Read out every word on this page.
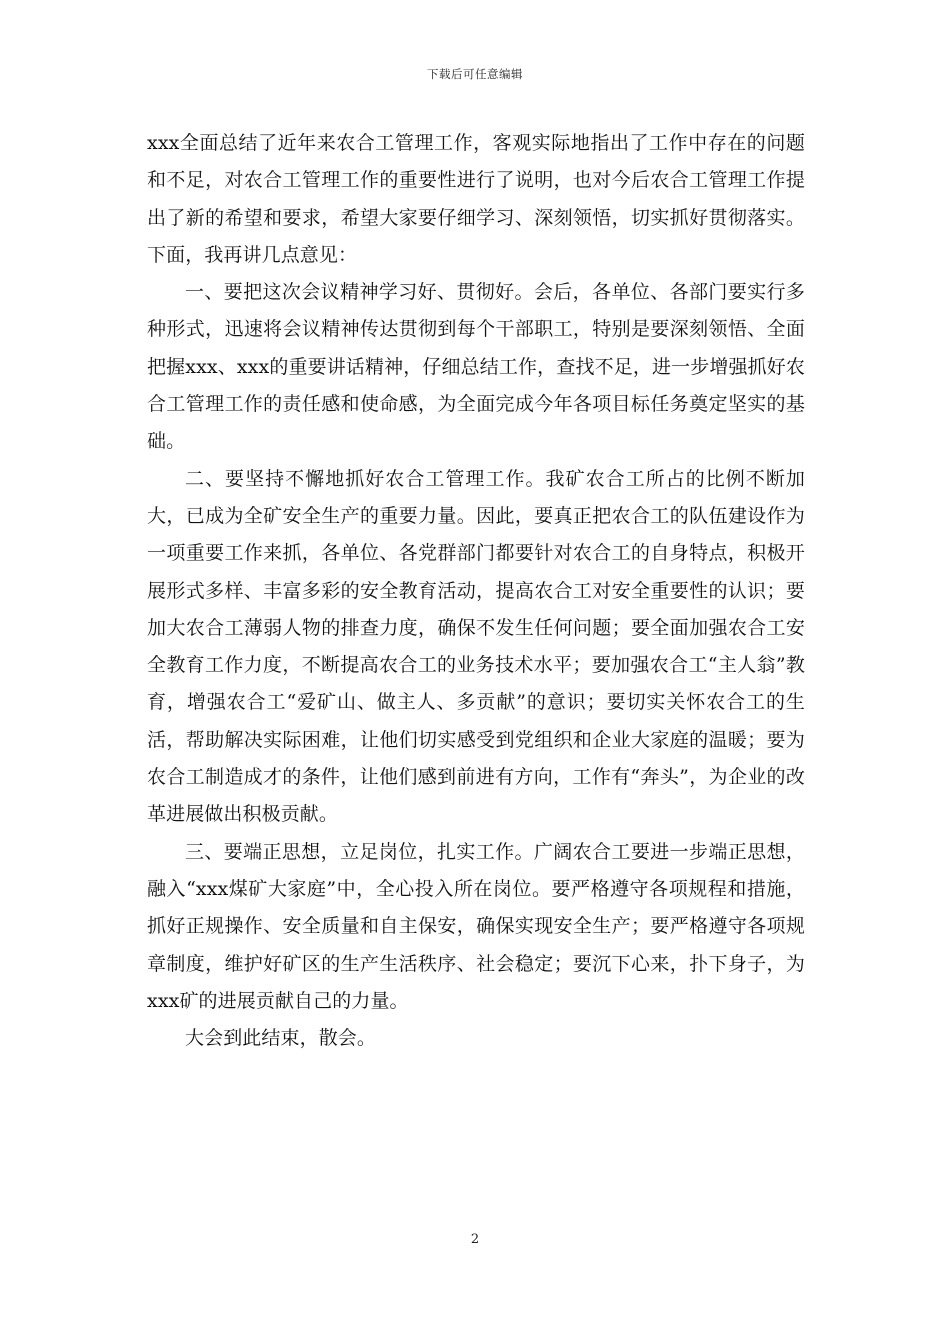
下载后可任意编辑

xxx全面总结了近年来农合工管理工作，客观实际地指出了工作中存在的问题和不足，对农合工管理工作的重要性进行了说明，也对今后农合工管理工作提出了新的希望和要求，希望大家要仔细学习、深刻领悟，切实抓好贯彻落实。下面，我再讲几点意见：

一、要把这次会议精神学习好、贯彻好。会后，各单位、各部门要实行多种形式，迅速将会议精神传达贯彻到每个干部职工，特别是要深刻领悟、全面把握xxx、xxx的重要讲话精神，仔细总结工作，查找不足，进一步增强抓好农合工管理工作的责任感和使命感，为全面完成今年各项目标任务奠定坚实的基础。

二、要坚持不懈地抓好农合工管理工作。我矿农合工所占的比例不断加大，已成为全矿安全生产的重要力量。因此，要真正把农合工的队伍建设作为一项重要工作来抓，各单位、各党群部门都要针对农合工的自身特点，积极开展形式多样、丰富多彩的安全教育活动，提高农合工对安全重要性的认识；要加大农合工薄弱人物的排查力度，确保不发生任何问题；要全面加强农合工安全教育工作力度，不断提高农合工的业务技术水平；要加强农合工“主人翁”教育，增强农合工“爱矿山、做主人、多贡献”的意识；要切实关怀农合工的生活，帮助解决实际困难，让他们切实感受到党组织和企业大家庭的温暖；要为农合工制造成才的条件，让他们感到前进有方向，工作有“奔头”，为企业的改革进展做出积极贡献。

三、要端正思想，立足岗位，扎实工作。广阔农合工要进一步端正思想，融入“xxx煤矿大家庭”中，全心投入所在岗位。要严格遵守各项规程和措施，抓好正规操作、安全质量和自主保安，确保实现安全生产；要严格遵守各项规章制度，维护好矿区的生产生活秩序、社会稳定；要沉下心来，扑下身子，为xxx矿的进展贡献自己的力量。

大会到此结束，散会。

2
